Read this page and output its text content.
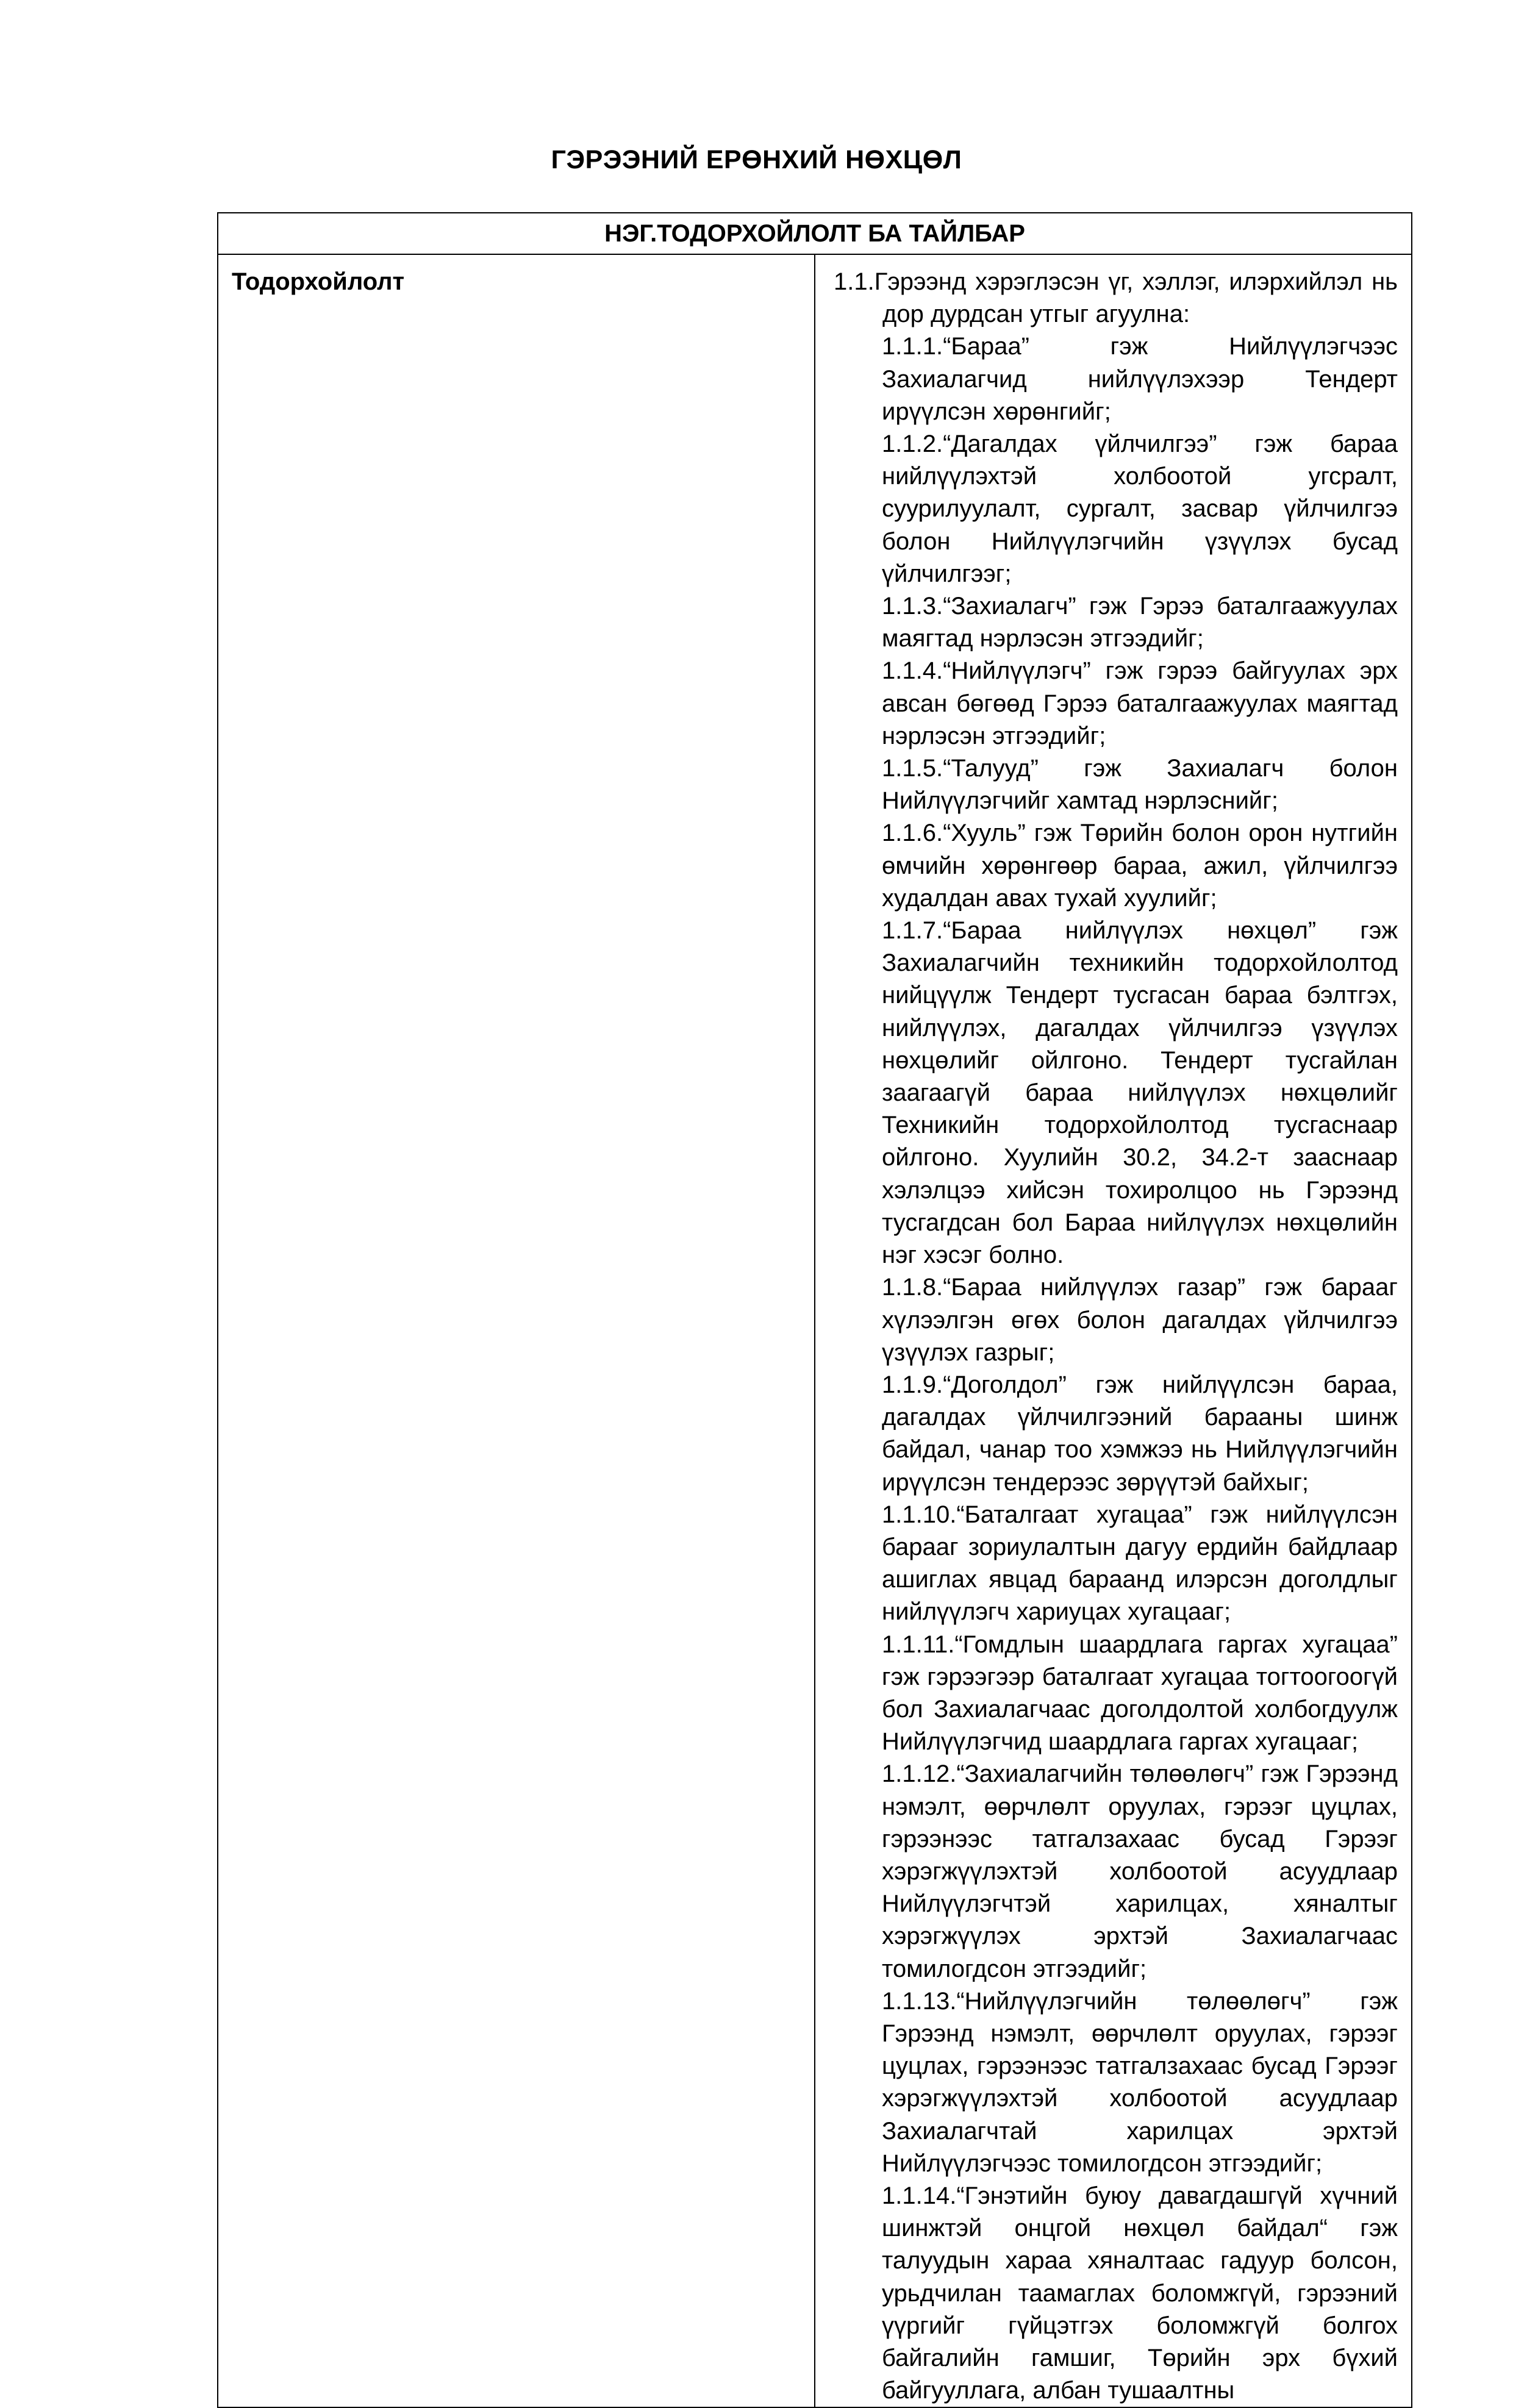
ГЭРЭЭНИЙ ЕРӨНХИЙ НӨХЦӨЛ
НЭГ.ТОДОРХОЙЛОЛТ БА ТАЙЛБАР
Тодорхойлолт	1.1.Гэрээнд хэрэглэсэн үг, хэллэг, илэрхийлэл нь дор дурдсан утгыг агуулна:

1.1.1.“Бараа” гэж Нийлүүлэгчээс Захиалагчид нийлүүлэхээр Тендерт ирүүлсэн хөрөнгийг;

1.1.2.“Дагалдах үйлчилгээ” гэж бараа нийлүүлэхтэй холбоотой угсралт, суурилуулалт, сургалт, засвар үйлчилгээ болон Нийлүүлэгчийн үзүүлэх бусад үйлчилгээг;

1.1.3.“Захиалагч” гэж Гэрээ баталгаажуулах маягтад нэрлэсэн этгээдийг;

1.1.4.“Нийлүүлэгч” гэж гэрээ байгуулах эрх авсан бөгөөд Гэрээ баталгаажуулах маягтад нэрлэсэн этгээдийг;

1.1.5.“Талууд” гэж Захиалагч болон Нийлүүлэгчийг хамтад нэрлэснийг;

1.1.6.“Хууль” гэж Төрийн болон орон нутгийн өмчийн хөрөнгөөр бараа, ажил, үйлчилгээ худалдан авах тухай хуулийг;

1.1.7.“Бараа нийлүүлэх нөхцөл” гэж Захиалагчийн техникийн тодорхойлолтод нийцүүлж Тендерт тусгасан бараа бэлтгэх, нийлүүлэх, дагалдах үйлчилгээ үзүүлэх нөхцөлийг ойлгоно. Тендерт тусгайлан заагаагүй бараа нийлүүлэх нөхцөлийг Техникийн тодорхойлолтод тусгаснаар ойлгоно. Хуулийн 30.2, 34.2-т зааснаар хэлэлцээ хийсэн тохиролцоо нь Гэрээнд тусгагдсан бол Бараа нийлүүлэх нөхцөлийн нэг хэсэг болно.

1.1.8.“Бараа нийлүүлэх газар” гэж барааг хүлээлгэн өгөх болон дагалдах үйлчилгээ үзүүлэх газрыг;

1.1.9.“Доголдол” гэж нийлүүлсэн бараа, дагалдах үйлчилгээний барааны шинж байдал, чанар тоо хэмжээ нь Нийлүүлэгчийн ирүүлсэн тендерээс зөрүүтэй байхыг;

1.1.10.“Баталгаат хугацаа” гэж нийлүүлсэн барааг зориулалтын дагуу ердийн байдлаар ашиглах явцад бараанд илэрсэн доголдлыг нийлүүлэгч хариуцах хугацааг;

1.1.11.“Гомдлын шаардлага гаргах хугацаа” гэж гэрээгээр баталгаат хугацаа тогтоогоогүй бол Захиалагчаас доголдолтой холбогдуулж Нийлүүлэгчид шаардлага гаргах хугацааг;

1.1.12.“Захиалагчийн төлөөлөгч” гэж Гэрээнд нэмэлт, өөрчлөлт оруулах, гэрээг цуцлах, гэрээнээс татгалзахаас бусад Гэрээг хэрэгжүүлэхтэй холбоотой асуудлаар Нийлүүлэгчтэй харилцах, хяналтыг хэрэгжүүлэх эрхтэй Захиалагчаас томилогдсон этгээдийг;

1.1.13.“Нийлүүлэгчийн төлөөлөгч” гэж Гэрээнд нэмэлт, өөрчлөлт оруулах, гэрээг цуцлах, гэрээнээс татгалзахаас бусад Гэрээг хэрэгжүүлэхтэй холбоотой асуудлаар Захиалагчтай харилцах эрхтэй Нийлүүлэгчээс томилогдсон этгээдийг;

1.1.14.“Гэнэтийн буюу давагдашгүй хүчний шинжтэй онцгой нөхцөл байдал“ гэж талуудын хараа хяналтаас гадуур болсон, урьдчилан таамаглах боломжгүй, гэрээний үүргийг гүйцэтгэх боломжгүй болгох байгалийн гамшиг, Төрийн эрх бүхий байгууллага, албан тушаалтны
